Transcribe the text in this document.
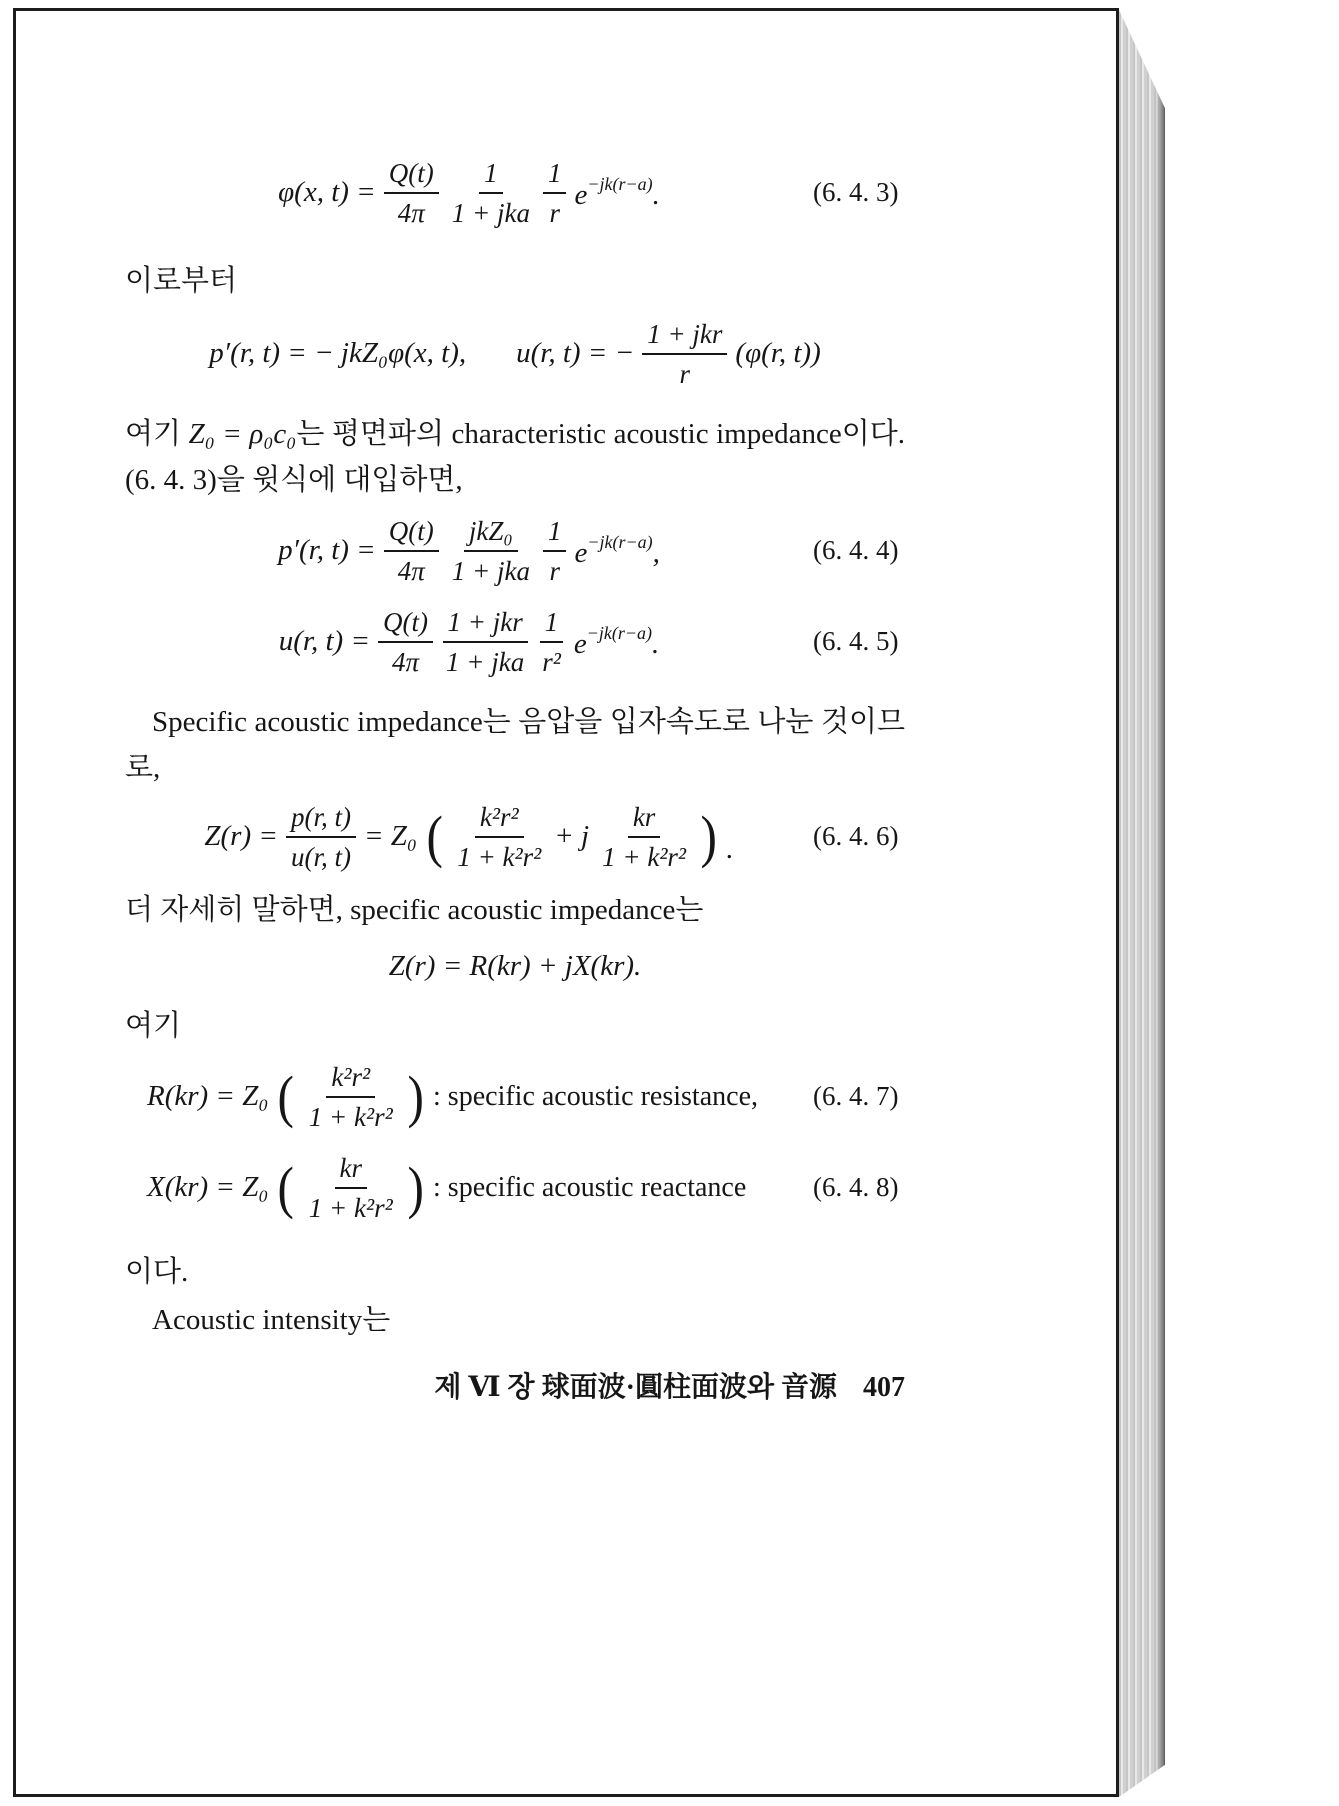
φ(x, $t) = \frac{Q(t)}{4\pi} \frac{1}{\text{1 + jka}} \frac{1}{r} e^{-jk(r-a)}$.	(6. 4. 3)
이로부터
p′(r, t) = − jkZ₀φ(x, t), u(r, t) = − $\frac{\text{1 + jkr}}{r} (\varphi(r$, t))
여기 Z₀ = ρ₀c₀는 평면파의 characteristic acoustic impedance이다. (6. 4. 3)을 윗식에 대입하면,
p′(r, $t) = \frac{Q(t)}{4\pi} \frac{\text{jkZ₀}}{\text{1 + jka}} \frac{1}{r} e^{-jk(r-a)}$,	(6. 4. 4)
u(r, $t) = \frac{Q(t)}{4\pi} \frac{\text{1 + jkr}}{\text{1 + jka}} \frac{1}{\text{r²}} e^{-jk(r-a)}$.	(6. 4. 5)
Specific acoustic impedance는 음압을 입자속도로 나눈 것이므로,
$Z(r) = \frac{p(r, t)}{u(r, t)} = Z_0$ ( $\frac{\text{k²r²}}{\text{1 + k²r²}} + j \frac{kr}{\text{1 + k²r²}}$ ) .	(6. 4. 6)
더 자세히 말하면, specific acoustic impedance는
Z(r) = R(kr) + jX(kr).
여기
R(kr) = Z₀ ( $\frac{\text{k²r²}}{\text{1 + k²r²}}$ ) : specific acoustic resistance, (6. 4. 7)
X(kr) = Z₀ ( $\frac{kr}{\text{1 + k²r²}}$ ) : specific acoustic reactance (6. 4. 8)
이다.
Acoustic intensity는
제 Ⅵ 장 球面波·圓柱面波와 音源 407
